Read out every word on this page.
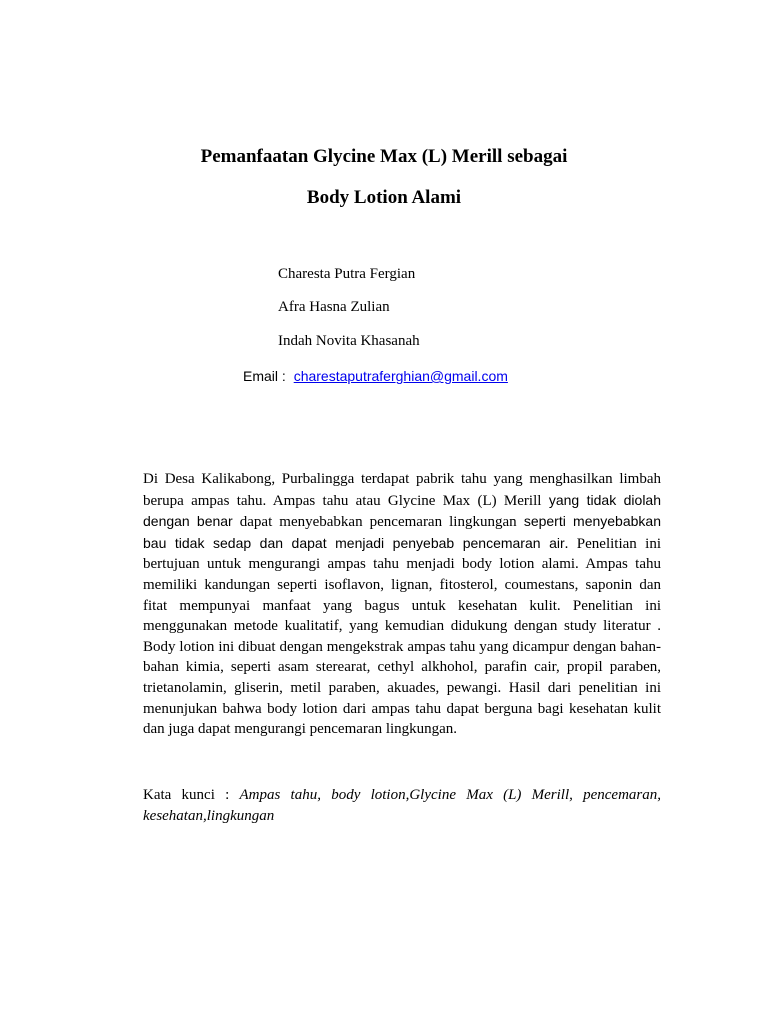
Pemanfaatan Glycine Max (L) Merill sebagai
Body Lotion Alami

Charesta Putra Fergian

Afra Hasna Zulian

Indah Novita Khasanah

Email : charestaputraferghian@gmail.com

Di Desa Kalikabong, Purbalingga terdapat pabrik tahu yang menghasilkan limbah berupa ampas tahu. Ampas tahu atau Glycine Max (L) Merill yang tidak diolah dengan benar dapat menyebabkan pencemaran lingkungan seperti menyebabkan bau tidak sedap dan dapat menjadi penyebab pencemaran air. Penelitian ini bertujuan untuk mengurangi ampas tahu menjadi body lotion alami. Ampas tahu memiliki kandungan seperti isoflavon, lignan, fitosterol, coumestans, saponin dan fitat mempunyai manfaat yang bagus untuk kesehatan kulit. Penelitian ini menggunakan metode kualitatif, yang kemudian didukung dengan study literatur . Body lotion ini dibuat dengan mengekstrak ampas tahu yang dicampur dengan bahan-bahan kimia, seperti asam sterearat, cethyl alkhohol, parafin cair, propil paraben, trietanolamin, gliserin, metil paraben, akuades, pewangi. Hasil dari penelitian ini menunjukan bahwa body lotion dari ampas tahu dapat berguna bagi kesehatan kulit dan juga dapat mengurangi pencemaran lingkungan.

Kata kunci : Ampas tahu, body lotion,Glycine Max (L) Merill, pencemaran, kesehatan,lingkungan
